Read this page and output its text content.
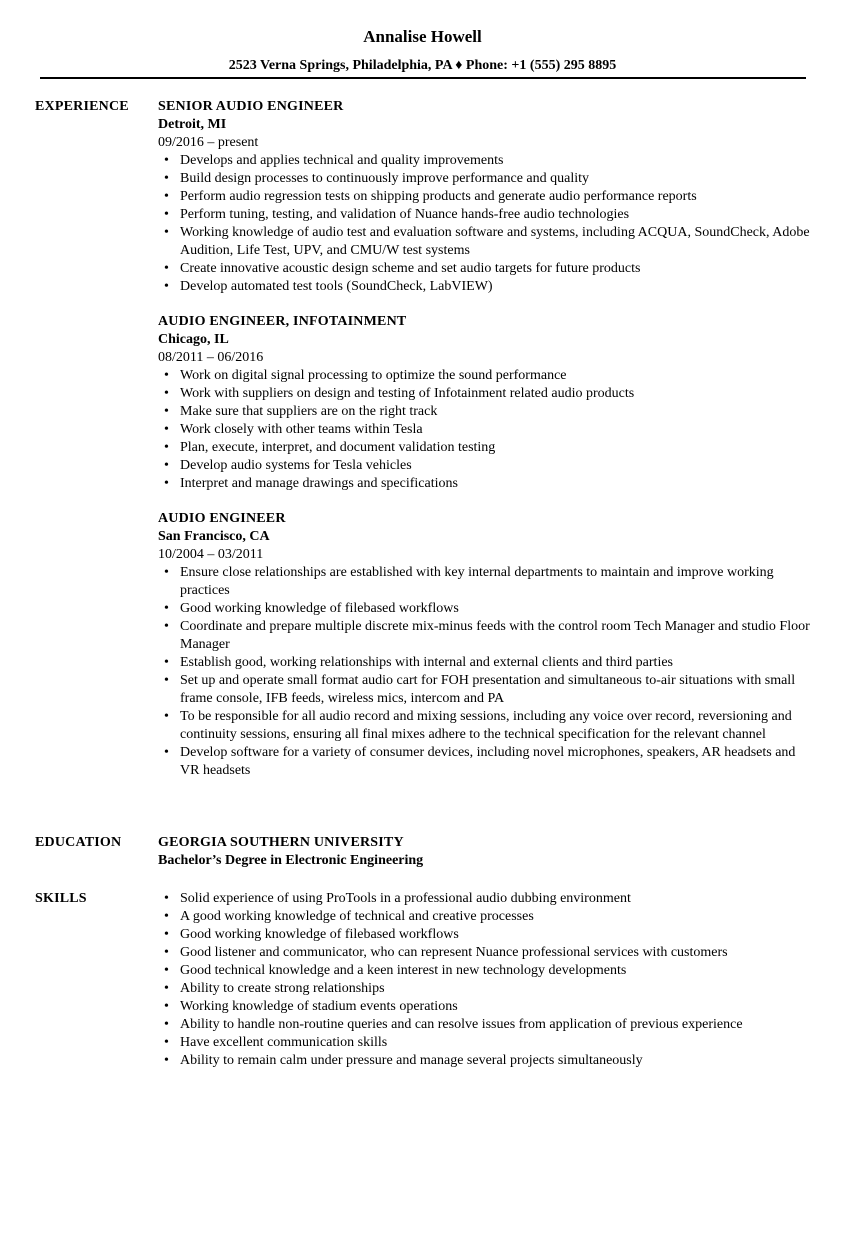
Annalise Howell
2523 Verna Springs, Philadelphia, PA ♦ Phone: +1 (555) 295 8895
EXPERIENCE SENIOR AUDIO ENGINEER
Detroit, MI
09/2016 – present
• Develops and applies technical and quality improvements
• Build design processes to continuously improve performance and quality
• Perform audio regression tests on shipping products and generate audio performance reports
• Perform tuning, testing, and validation of Nuance hands-free audio technologies
• Working knowledge of audio test and evaluation software and systems, including ACQUA, SoundCheck, Adobe Audition, Life Test, UPV, and CMU/W test systems
• Create innovative acoustic design scheme and set audio targets for future products
• Develop automated test tools (SoundCheck, LabVIEW)
AUDIO ENGINEER, INFOTAINMENT
Chicago, IL
08/2011 – 06/2016
• Work on digital signal processing to optimize the sound performance
• Work with suppliers on design and testing of Infotainment related audio products
• Make sure that suppliers are on the right track
• Work closely with other teams within Tesla
• Plan, execute, interpret, and document validation testing
• Develop audio systems for Tesla vehicles
• Interpret and manage drawings and specifications
AUDIO ENGINEER
San Francisco, CA
10/2004 – 03/2011
• Ensure close relationships are established with key internal departments to maintain and improve working practices
• Good working knowledge of filebased workflows
• Coordinate and prepare multiple discrete mix-minus feeds with the control room Tech Manager and studio Floor Manager
• Establish good, working relationships with internal and external clients and third parties
• Set up and operate small format audio cart for FOH presentation and simultaneous to-air situations with small frame console, IFB feeds, wireless mics, intercom and PA
• To be responsible for all audio record and mixing sessions, including any voice over record, reversioning and continuity sessions, ensuring all final mixes adhere to the technical specification for the relevant channel
• Develop software for a variety of consumer devices, including novel microphones, speakers, AR headsets and VR headsets
EDUCATION	GEORGIA SOUTHERN UNIVERSITY
Bachelor’s Degree in Electronic Engineering
SKILLS
•	Solid experience of using ProTools in a professional audio dubbing environment
• A good working knowledge of technical and creative processes
• Good working knowledge of filebased workflows
• Good listener and communicator, who can represent Nuance professional services with customers
• Good technical knowledge and a keen interest in new technology developments
• Ability to create strong relationships
• Working knowledge of stadium events operations
• Ability to handle non-routine queries and can resolve issues from application of previous experience
• Have excellent communication skills
• Ability to remain calm under pressure and manage several projects simultaneously
